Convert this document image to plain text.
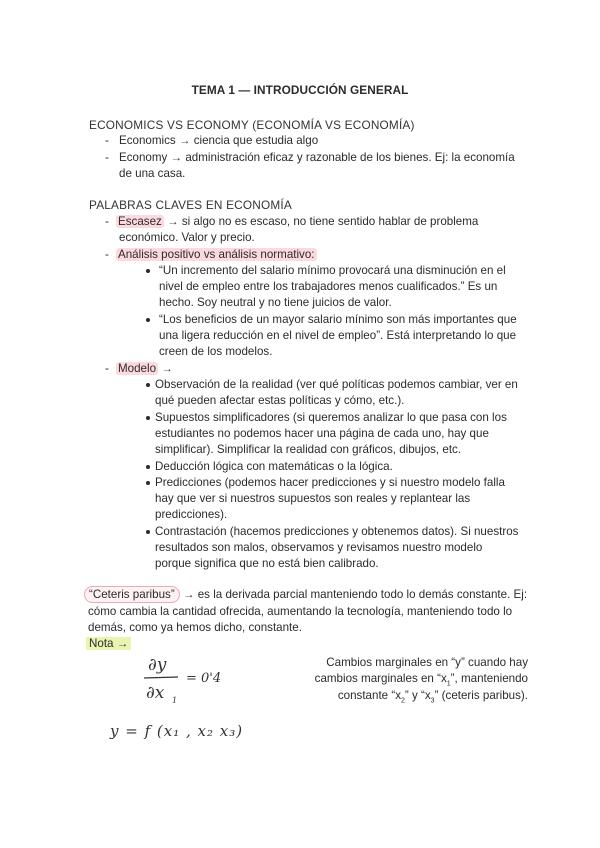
TEMA 1 — INTRODUCCIÓN GENERAL
ECONOMICS VS ECONOMY (ECONOMÍA VS ECONOMÍA)
- Economics → ciencia que estudia algo
- Economy → administración eficaz y razonable de los bienes. Ej: la economía
de una casa.
PALABRAS CLAVES EN ECONOMÍA
- Escasez → si algo no es escaso, no tiene sentido hablar de problema
económico. Valor y precio.
- Análisis positivo vs análisis normativo:
“Un incremento del salario mínimo provocará una disminución en el
nivel de empleo entre los trabajadores menos cualificados.” Es un
hecho. Soy neutral y no tiene juicios de valor.
“Los beneficios de un mayor salario mínimo son más importantes que
una ligera reducción en el nivel de empleo”. Está interpretando lo que
creen de los modelos.
- Modelo →
Observación de la realidad (ver qué políticas podemos cambiar, ver en
qué pueden afectar estas políticas y cómo, etc.).
Supuestos simplificadores (si queremos analizar lo que pasa con los
estudiantes no podemos hacer una página de cada uno, hay que
simplificar). Simplificar la realidad con gráficos, dibujos, etc.
Deducción lógica con matemáticas o la lógica.
Predicciones (podemos hacer predicciones y si nuestro modelo falla
hay que ver si nuestros supuestos son reales y replantear las
predicciones).
Contrastación (hacemos predicciones y obtenemos datos). Si nuestros
resultados son malos, observamos y revisamos nuestro modelo
porque significa que no está bien calibrado.
“Ceteris paribus” → es la derivada parcial manteniendo todo lo demás constante. Ej:
cómo cambia la cantidad ofrecida, aumentando la tecnología, manteniendo todo lo
demás, como ya hemos dicho, constante.
Nota →
Cambios marginales en “y” cuando hay
cambios marginales en “$x_1$”, manteniendo
constante “$x_2$” y “$x_3$” (ceteris paribus).
∂y
∂x 1
= 0'4
y = f (x₁ , x₂ x₃)
